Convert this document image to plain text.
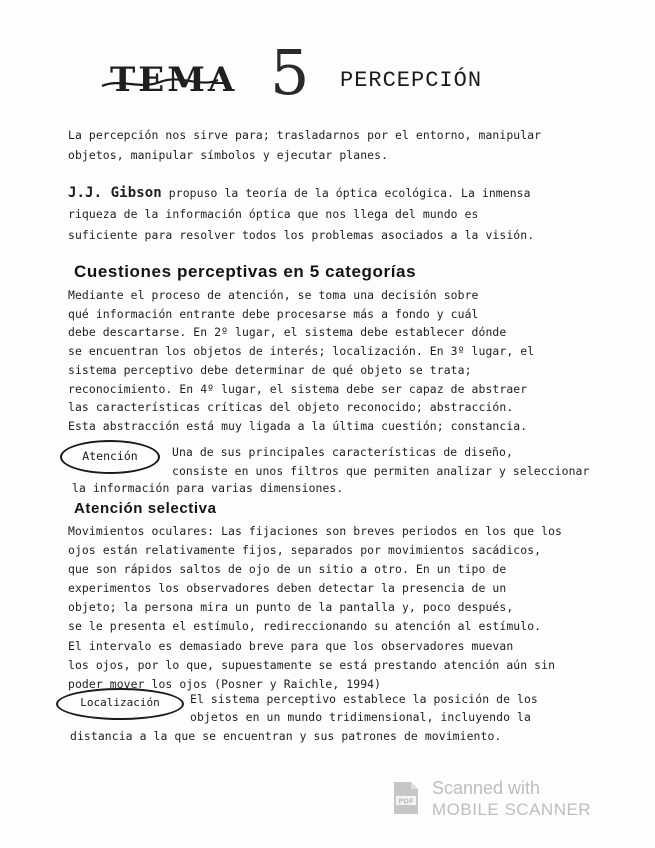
TEMA 5 PERCEPCIÓN
La percepción nos sirve para; trasladarnos por el entorno, manipular
objetos, manipular símbolos y ejecutar planes.
J.J. Gibson propuso la teoría de la óptica ecológica. La inmensa
riqueza de la información óptica que nos llega del mundo es
suficiente para resolver todos los problemas asociados a la visión.
Cuestiones perceptivas en 5 categorías
Mediante el proceso de atención, se toma una decisión sobre
qué información entrante debe procesarse más a fondo y cuál
debe descartarse. En 2º lugar, el sistema debe establecer dónde
se encuentran los objetos de interés; localización. En 3º lugar, el
sistema perceptivo debe determinar de qué objeto se trata;
reconocimiento. En 4º lugar, el sistema debe ser capaz de abstraer
las características críticas del objeto reconocido; abstracción.
Esta abstracción está muy ligada a la última cuestión; constancia.
Atención	Una de sus principales características de diseño,
consiste en unos filtros que permiten analizar y seleccionar
la información para varias dimensiones.
Atención selectiva
Movimientos oculares: Las fijaciones son breves periodos en los que los
ojos están relativamente fijos, separados por movimientos sacádicos,
que son rápidos saltos de ojo de un sitio a otro. En un tipo de
experimentos los observadores deben detectar la presencia de un
objeto; la persona mira un punto de la pantalla y, poco después,
se le presenta el estímulo, redireccionando su atención al estímulo.
El intervalo es demasiado breve para que los observadores muevan
los ojos, por lo que, supuestamente se está prestando atención aún sin
poder mover los ojos (Posner y Raichle, 1994)
Localización	El sistema perceptivo establece la posición de los
objetos en un mundo tridimensional, incluyendo la
distancia a la que se encuentran y sus patrones de movimiento.
PDF
Scanned with
MOBILE SCANNER
